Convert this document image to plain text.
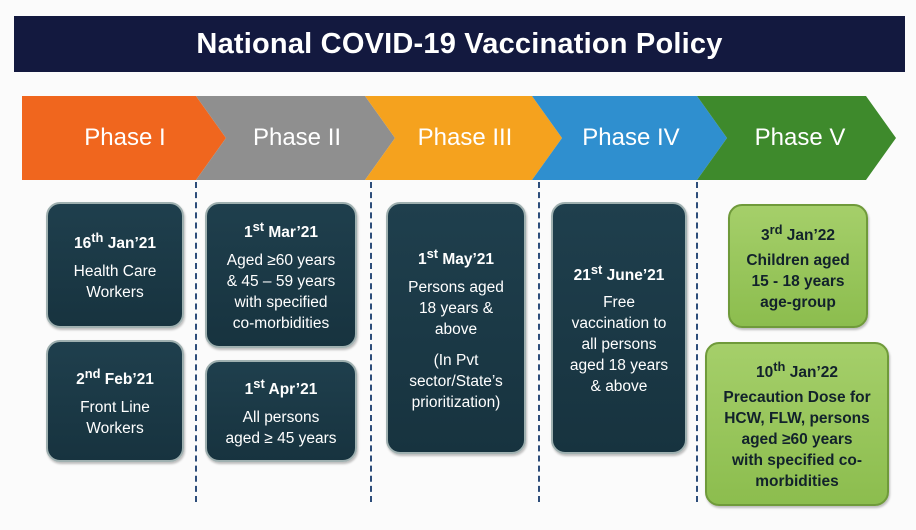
National COVID-19 Vaccination Policy
Phase I	Phase II	Phase III	Phase IV	Phase V
16th Jan’21
Health Care
Workers
2nd Feb’21
Front Line
Workers
1st Mar’21
Aged ≥60 years
& 45 – 59 years
with specified
co-morbidities
1st Apr’21
All persons
aged ≥ 45 years
1st May’21
Persons aged
18 years &
above
(In Pvt
sector/State’s
prioritization)
21st June’21
Free
vaccination to
all persons
aged 18 years
& above
3rd Jan’22
Children aged
15 - 18 years
age-group
10th Jan’22
Precaution Dose for
HCW, FLW, persons
aged ≥60 years
with specified co-
morbidities
